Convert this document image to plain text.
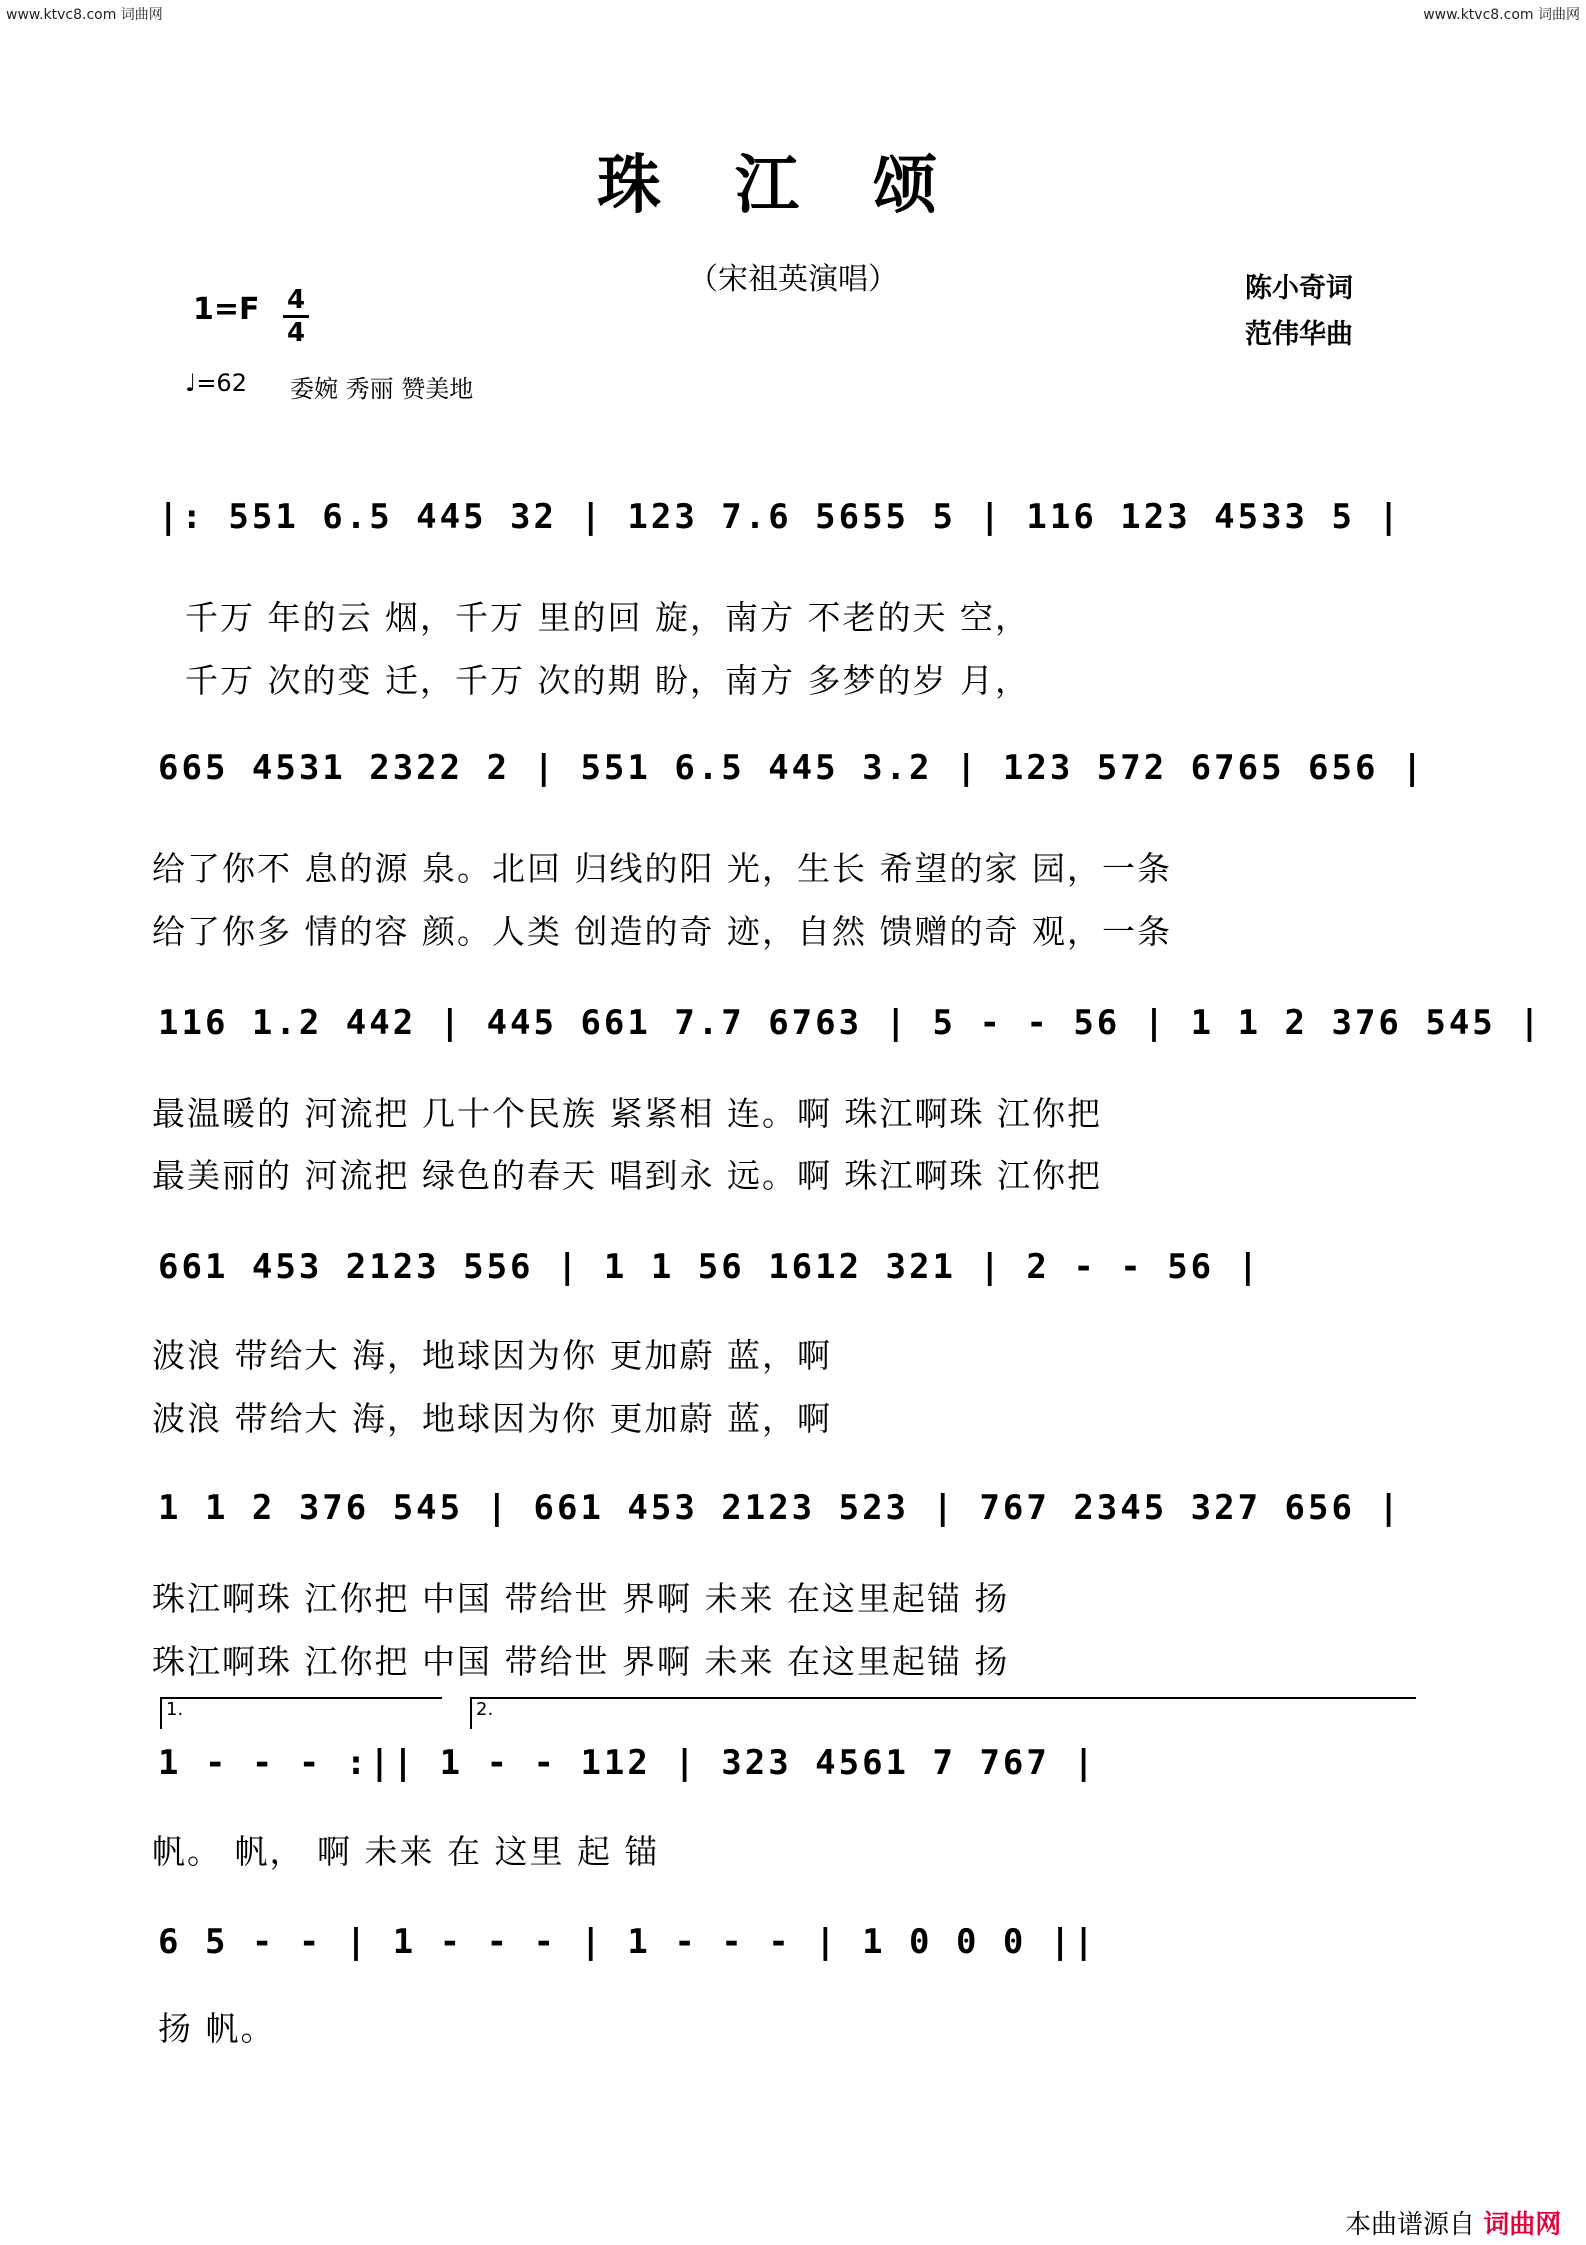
www.ktvc8.com 词曲网	www.ktvc8.com 词曲网
珠江颂
（宋祖英演唱）	陈小奇词
范伟华曲
1=F 4
4
♩=62 委婉 秀丽 赞美地
|: 551 6.5 445 32 | 123 7.6 5655 5 | 116 123 4533 5 |
千万 年的云 烟，千万 里的回 旋，南方 不老的天 空，
千万 次的变 迁，千万 次的期 盼，南方 多梦的岁 月，
665 4531 2322 2 | 551 6.5 445 3.2 | 123 572 6765 656 |
给了你不 息的源 泉。北回 归线的阳 光，生长 希望的家 园，一条
给了你多 情的容 颜。人类 创造的奇 迹，自然 馈赠的奇 观，一条
116 1.2 442 | 445 661 7.7 6763 | 5 - - 56 | 1 1 2 376 545 |
最温暖的 河流把 几十个民族 紧紧相 连。啊 珠江啊珠 江你把
最美丽的 河流把 绿色的春天 唱到永 远。啊 珠江啊珠 江你把
661 453 2123 556 | 1 1 56 1612 321 | 2 - - 56 |
波浪 带给大 海，地球因为你 更加蔚 蓝，啊
波浪 带给大 海，地球因为你 更加蔚 蓝，啊
1 1 2 376 545 | 661 453 2123 523 | 767 2345 327 656 |
珠江啊珠 江你把 中国 带给世 界啊 未来 在这里起锚 扬
珠江啊珠 江你把 中国 带给世 界啊 未来 在这里起锚 扬
1.	2.
1 - - - :|| 1 - - 112 | 323 4561 7 767 |
帆。 帆， 啊 未来 在 这里 起 锚
6 5 - - | 1 - - - | 1 - - - | 1 0 0 0 ||
扬 帆。
本曲谱源自 词曲网
